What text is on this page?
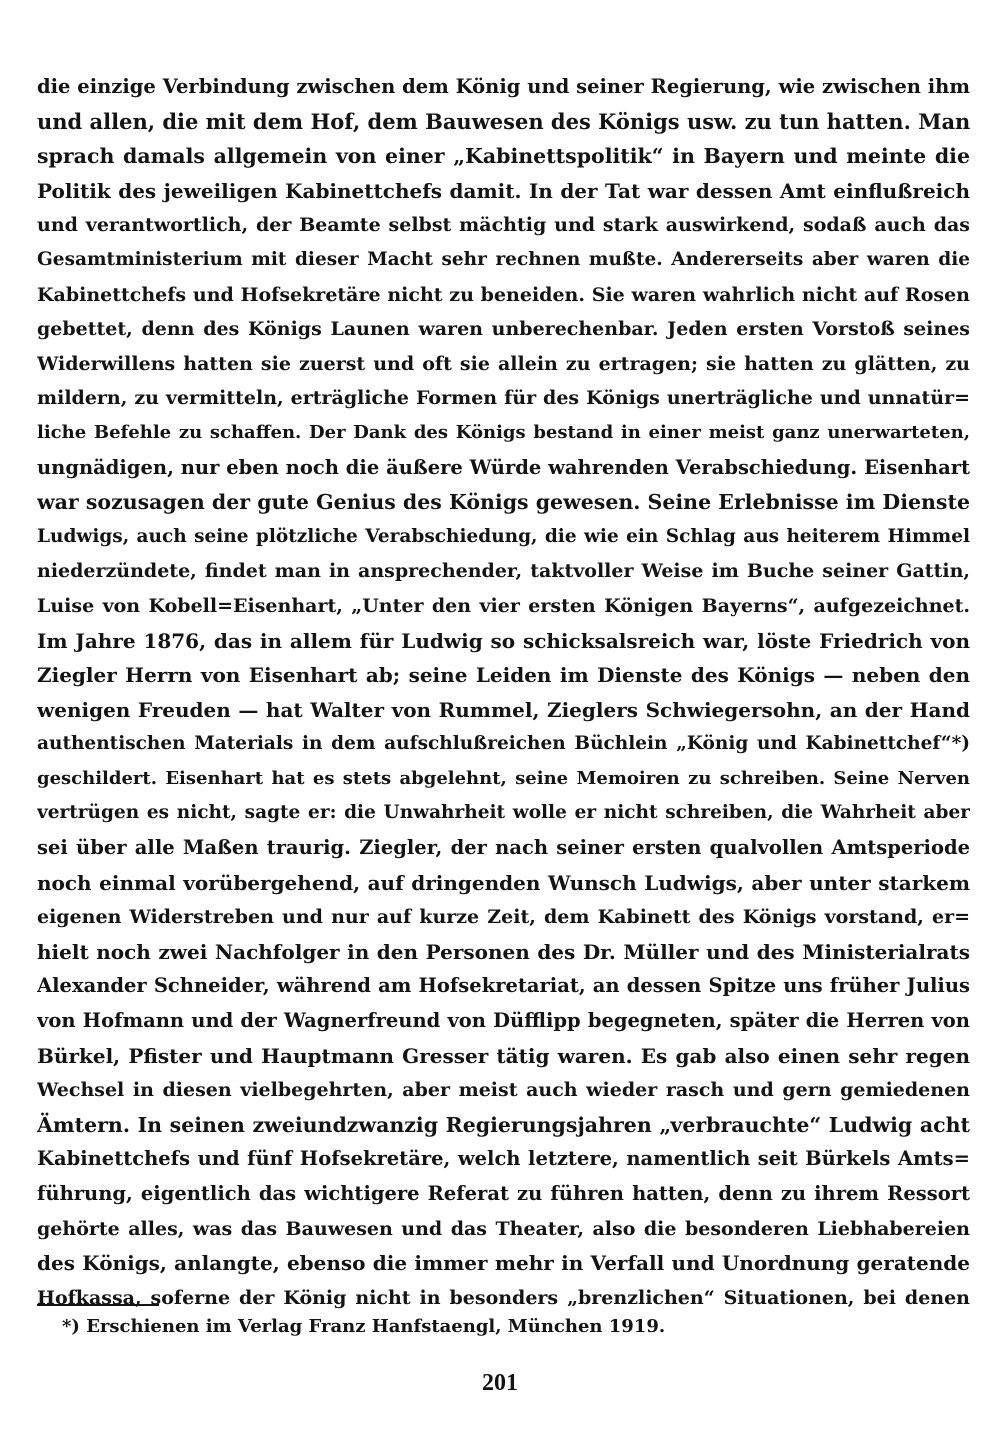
die einzige Verbindung zwischen dem König und seiner Regierung, wie zwischen ihm
und allen, die mit dem Hof, dem Bauwesen des Königs usw. zu tun hatten. Man
sprach damals allgemein von einer „Kabinettspolitik“ in Bayern und meinte die
Politik des jeweiligen Kabinettchefs damit. In der Tat war dessen Amt einflußreich
und verantwortlich, der Beamte selbst mächtig und stark auswirkend, sodaß auch das
Gesamtministerium mit dieser Macht sehr rechnen mußte. Andererseits aber waren die
Kabinettchefs und Hofsekretäre nicht zu beneiden. Sie waren wahrlich nicht auf Rosen
gebettet, denn des Königs Launen waren unberechenbar. Jeden ersten Vorstoß seines
Widerwillens hatten sie zuerst und oft sie allein zu ertragen; sie hatten zu glätten, zu
mildern, zu vermitteln, erträgliche Formen für des Königs unerträgliche und unnatür=
liche Befehle zu schaffen. Der Dank des Königs bestand in einer meist ganz unerwarteten,
ungnädigen, nur eben noch die äußere Würde wahrenden Verabschiedung. Eisenhart
war sozusagen der gute Genius des Königs gewesen. Seine Erlebnisse im Dienste
Ludwigs, auch seine plötzliche Verabschiedung, die wie ein Schlag aus heiterem Himmel
niederzündete, findet man in ansprechender, taktvoller Weise im Buche seiner Gattin,
Luise von Kobell=Eisenhart, „Unter den vier ersten Königen Bayerns“, aufgezeichnet.
Im Jahre 1876, das in allem für Ludwig so schicksalsreich war, löste Friedrich von
Ziegler Herrn von Eisenhart ab; seine Leiden im Dienste des Königs — neben den
wenigen Freuden — hat Walter von Rummel, Zieglers Schwiegersohn, an der Hand
authentischen Materials in dem aufschlußreichen Büchlein „König und Kabinettchef“*)
geschildert. Eisenhart hat es stets abgelehnt, seine Memoiren zu schreiben. Seine Nerven
vertrügen es nicht, sagte er: die Unwahrheit wolle er nicht schreiben, die Wahrheit aber
sei über alle Maßen traurig. Ziegler, der nach seiner ersten qualvollen Amtsperiode
noch einmal vorübergehend, auf dringenden Wunsch Ludwigs, aber unter starkem
eigenen Widerstreben und nur auf kurze Zeit, dem Kabinett des Königs vorstand, er=
hielt noch zwei Nachfolger in den Personen des Dr. Müller und des Ministerialrats
Alexander Schneider, während am Hofsekretariat, an dessen Spitze uns früher Julius
von Hofmann und der Wagnerfreund von Düfflipp begegneten, später die Herren von
Bürkel, Pfister und Hauptmann Gresser tätig waren. Es gab also einen sehr regen
Wechsel in diesen vielbegehrten, aber meist auch wieder rasch und gern gemiedenen
Ämtern. In seinen zweiundzwanzig Regierungsjahren „verbrauchte“ Ludwig acht
Kabinettchefs und fünf Hofsekretäre, welch letztere, namentlich seit Bürkels Amts=
führung, eigentlich das wichtigere Referat zu führen hatten, denn zu ihrem Ressort
gehörte alles, was das Bauwesen und das Theater, also die besonderen Liebhabereien
des Königs, anlangte, ebenso die immer mehr in Verfall und Unordnung geratende
Hofkassa, soferne der König nicht in besonders „brenzlichen“ Situationen, bei denen
*) Erschienen im Verlag Franz Hanfstaengl, München 1919.
201
